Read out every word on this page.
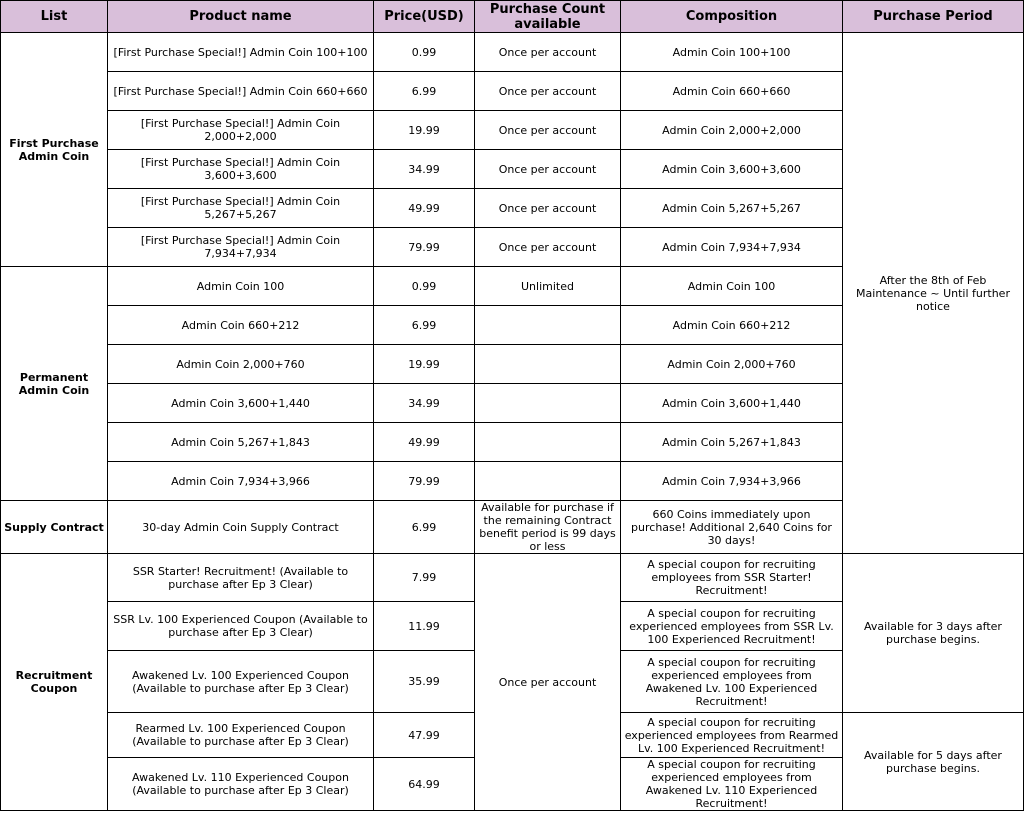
List	Product name	Price(USD)	Purchase Count available	Composition	Purchase Period
First Purchase Admin Coin	[First Purchase Special!] Admin Coin 100+100	0.99	Once per account	Admin Coin 100+100	After the 8th of Feb Maintenance ~ Until further notice
	[First Purchase Special!] Admin Coin 660+660	6.99	Once per account	Admin Coin 660+660	
	[First Purchase Special!] Admin Coin 2,000+2,000	19.99	Once per account	Admin Coin 2,000+2,000	
	[First Purchase Special!] Admin Coin 3,600+3,600	34.99	Once per account	Admin Coin 3,600+3,600	
	[First Purchase Special!] Admin Coin 5,267+5,267	49.99	Once per account	Admin Coin 5,267+5,267	
	[First Purchase Special!] Admin Coin 7,934+7,934	79.99	Once per account	Admin Coin 7,934+7,934	
Permanent Admin Coin	Admin Coin 100	0.99	Unlimited	Admin Coin 100	
	Admin Coin 660+212	6.99		Admin Coin 660+212	
	Admin Coin 2,000+760	19.99		Admin Coin 2,000+760	
	Admin Coin 3,600+1,440	34.99		Admin Coin 3,600+1,440	
	Admin Coin 5,267+1,843	49.99		Admin Coin 5,267+1,843	
	Admin Coin 7,934+3,966	79.99		Admin Coin 7,934+3,966	
Supply Contract	30-day Admin Coin Supply Contract	6.99	Available for purchase if the remaining Contract benefit period is 99 days or less	660 Coins immediately upon purchase! Additional 2,640 Coins for 30 days!	
Recruitment Coupon	SSR Starter! Recruitment! (Available to purchase after Ep 3 Clear)	7.99	Once per account	A special coupon for recruiting employees from SSR Starter! Recruitment!	Available for 3 days after purchase begins.
	SSR Lv. 100 Experienced Coupon (Available to purchase after Ep 3 Clear)	11.99		A special coupon for recruiting experienced employees from SSR Lv. 100 Experienced Recruitment!	
	Awakened Lv. 100 Experienced Coupon (Available to purchase after Ep 3 Clear)	35.99		A special coupon for recruiting experienced employees from Awakened Lv. 100 Experienced Recruitment!	
	Rearmed Lv. 100 Experienced Coupon (Available to purchase after Ep 3 Clear)	47.99		A special coupon for recruiting experienced employees from Rearmed Lv. 100 Experienced Recruitment!	Available for 5 days after purchase begins.
	Awakened Lv. 110 Experienced Coupon (Available to purchase after Ep 3 Clear)	64.99		A special coupon for recruiting experienced employees from Awakened Lv. 110 Experienced Recruitment!	
